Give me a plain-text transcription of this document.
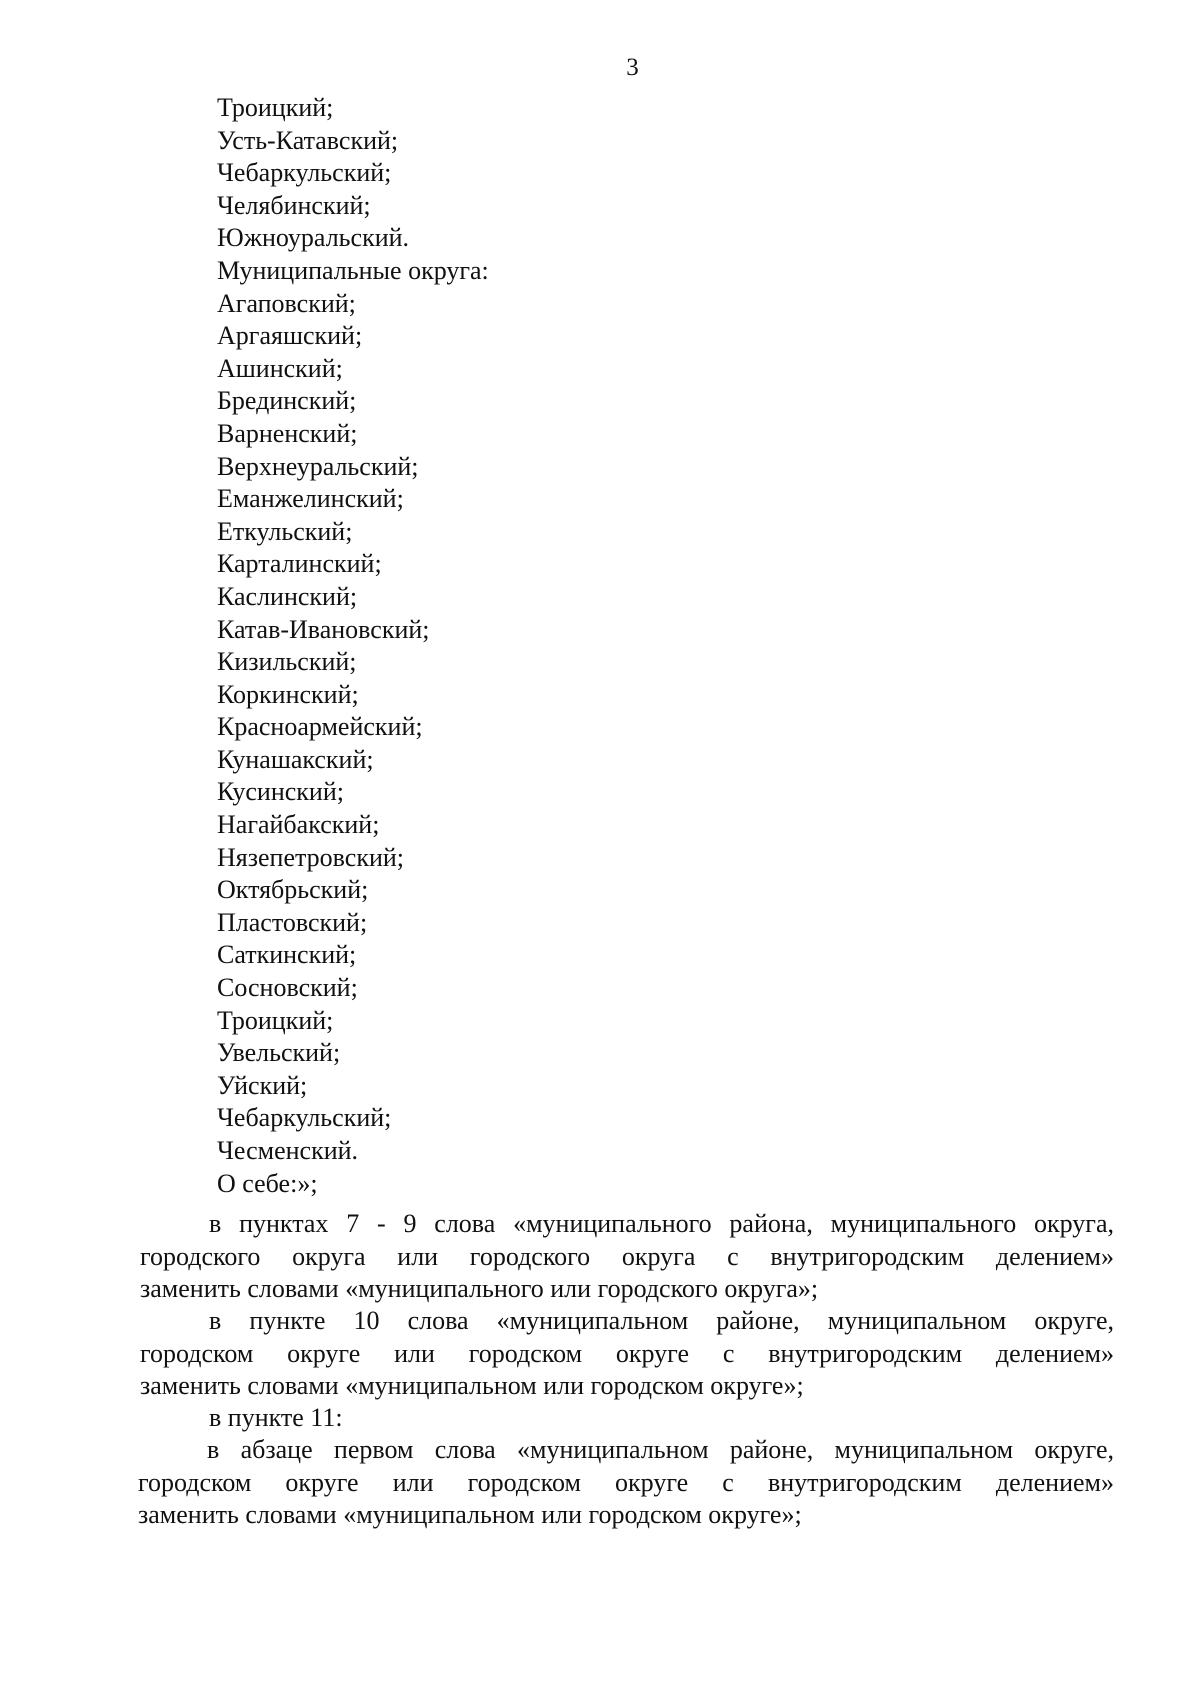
3
Троицкий;
Усть-Катавский;
Чебаркульский;
Челябинский;
Южноуральский.
Муниципальные округа:
Агаповский;
Аргаяшский;
Ашинский;
Брединский;
Варненский;
Верхнеуральский;
Еманжелинский;
Еткульский;
Карталинский;
Каслинский;
Катав-Ивановский;
Кизильский;
Коркинский;
Красноармейский;
Кунашакский;
Кусинский;
Нагайбакский;
Нязепетровский;
Октябрьский;
Пластовский;
Саткинский;
Сосновский;
Троицкий;
Увельский;
Уйский;
Чебаркульский;
Чесменский.
О себе:»;
в пунктах 7 - 9 слова «муниципального района, муниципального округа,
городского округа или городского округа с внутригородским делением»
заменить словами «муниципального или городского округа»;
в пункте 10 слова «муниципальном районе, муниципальном округе,
городском округе или городском округе с внутригородским делением»
заменить словами «муниципальном или городском округе»;
в пункте 11:
в абзаце первом слова «муниципальном районе, муниципальном округе,
городском округе или городском округе с внутригородским делением»
заменить словами «муниципальном или городском округе»;
